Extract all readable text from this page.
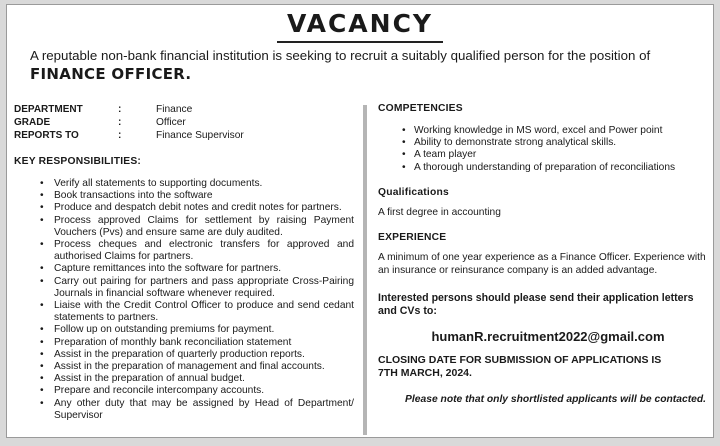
VACANCY
A reputable non-bank financial institution is seeking to recruit a suitably qualified person for the position of
FINANCE OFFICER.
DEPARTMENT	:	Finance
GRADE	:	Officer
REPORTS TO	:	Finance Supervisor
KEY RESPONSIBILITIES:
• Verify all statements to supporting documents.
• Book transactions into the software
• Produce and despatch debit notes and credit notes for partners.
• Process approved Claims for settlement by raising Payment Vouchers (Pvs) and ensure same are duly audited.
• Process cheques and electronic transfers for approved and authorised Claims for partners.
• Capture remittances into the software for partners.
• Carry out pairing for partners and pass appropriate Cross-Pairing Journals in financial software whenever required.
• Liaise with the Credit Control Officer to produce and send cedant statements to partners.
• Follow up on outstanding premiums for payment.
• Preparation of monthly bank reconciliation statement
• Assist in the preparation of quarterly production reports.
• Assist in the preparation of management and final accounts.
• Assist in the preparation of annual budget.
• Prepare and reconcile intercompany accounts.
• Any other duty that may be assigned by Head of Department/ Supervisor
COMPETENCIES
• Working knowledge in MS word, excel and Power point
• Ability to demonstrate strong analytical skills.
• A team player
• A thorough understanding of preparation of reconciliations
Qualifications

A first degree in accounting

EXPERIENCE

A minimum of one year experience as a Finance Officer. Experience with an insurance or reinsurance company is an added advantage.

Interested persons should please send their application letters and CVs to:
humanR.recruitment2022@gmail.com
CLOSING DATE FOR SUBMISSION OF APPLICATIONS IS 7TH MARCH, 2024.
Please note that only shortlisted applicants will be contacted.
